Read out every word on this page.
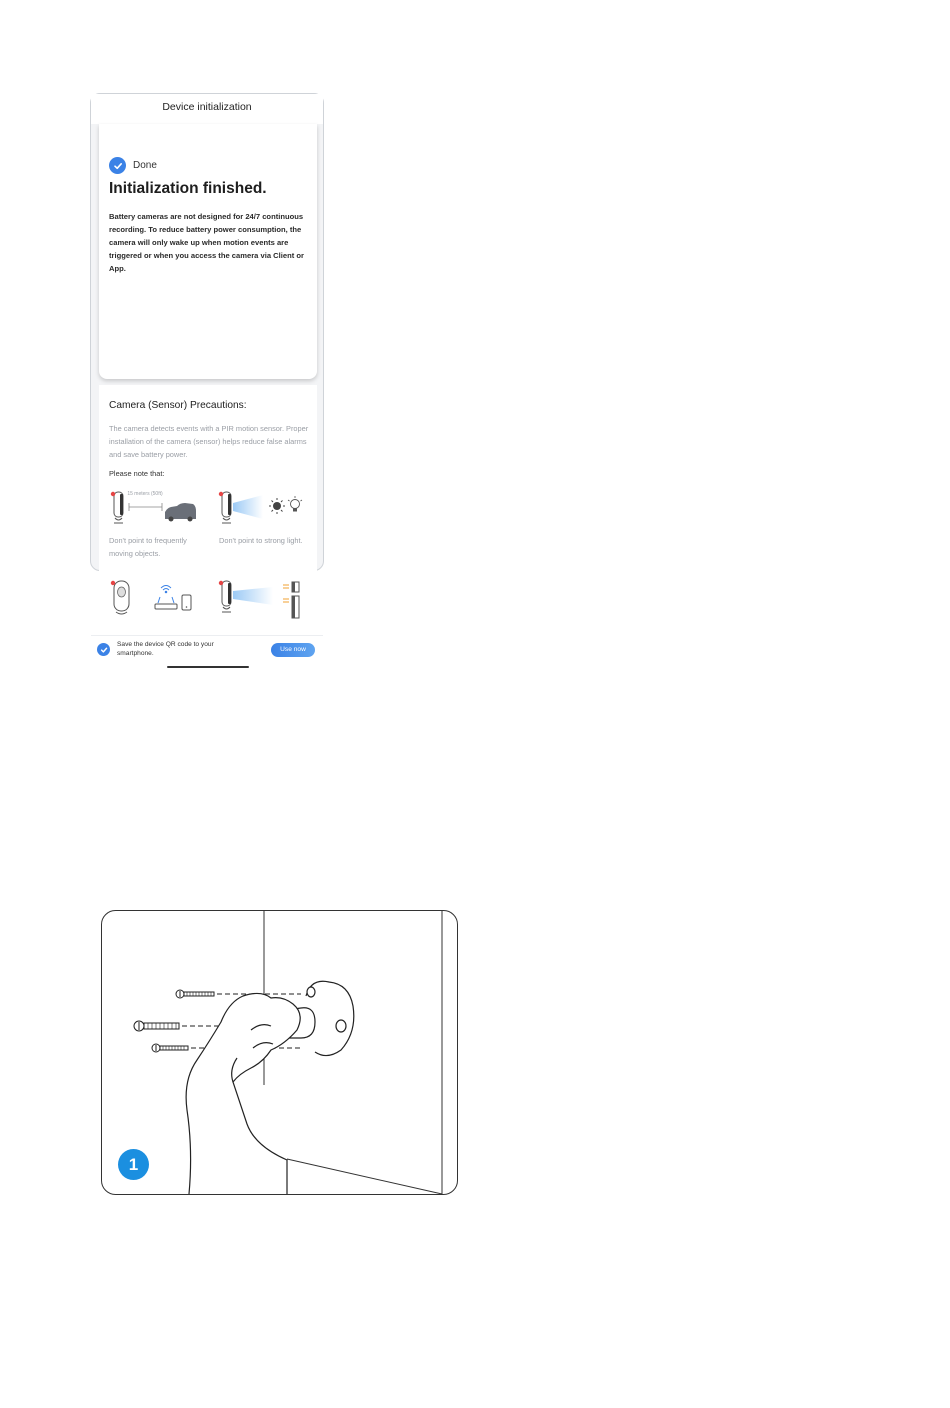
Device initialization
Done
Initialization finished.
Battery cameras are not designed for 24/7 continuous recording. To reduce battery power consumption, the camera will only wake up when motion events are triggered or when you access the camera via Client or App.
Camera (Sensor) Precautions:
The camera detects events with a PIR motion sensor. Proper installation of the camera (sensor) helps reduce false alarms and save battery power.
Please note that:
15 meters (50ft)
Don't point to frequently moving objects.
Don't point to strong light.
Save the device QR code to your smartphone.	Use now
1
